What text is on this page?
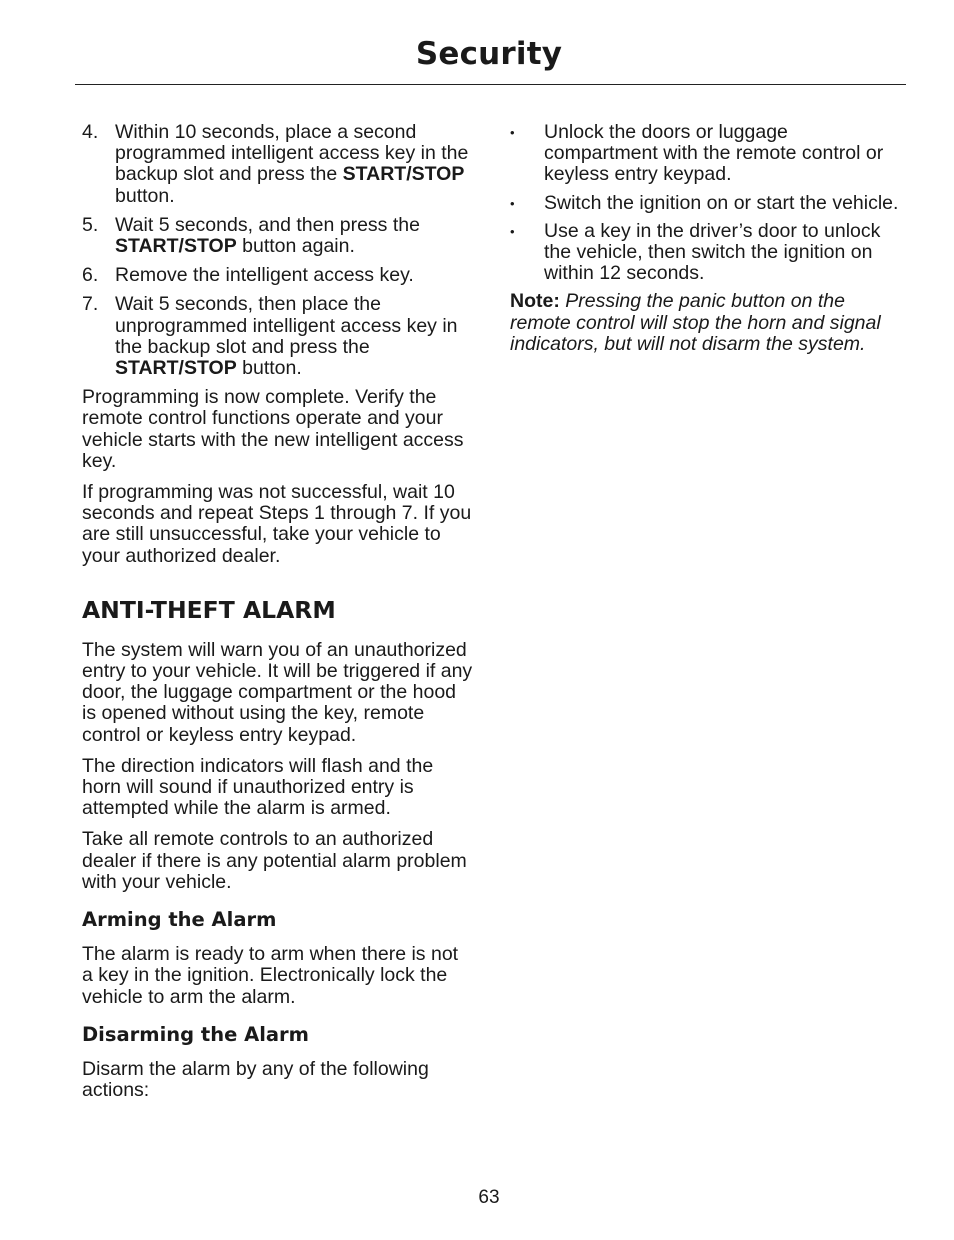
Security
4. Within 10 seconds, place a second programmed intelligent access key in the backup slot and press the START/STOP button.
5. Wait 5 seconds, and then press the START/STOP button again.
6. Remove the intelligent access key.
7. Wait 5 seconds, then place the unprogrammed intelligent access key in the backup slot and press the START/STOP button.

Programming is now complete. Verify the remote control functions operate and your vehicle starts with the new intelligent access key.

If programming was not successful, wait 10 seconds and repeat Steps 1 through 7. If you are still unsuccessful, take your vehicle to your authorized dealer.

ANTI-THEFT ALARM

The system will warn you of an unauthorized entry to your vehicle. It will be triggered if any door, the luggage compartment or the hood is opened without using the key, remote control or keyless entry keypad.

The direction indicators will flash and the horn will sound if unauthorized entry is attempted while the alarm is armed.

Take all remote controls to an authorized dealer if there is any potential alarm problem with your vehicle.

Arming the Alarm

The alarm is ready to arm when there is not a key in the ignition. Electronically lock the vehicle to arm the alarm.

Disarming the Alarm

Disarm the alarm by any of the following actions:

•	Unlock the doors or luggage compartment with the remote control or keyless entry keypad.
•	Switch the ignition on or start the vehicle.
•	Use a key in the driver’s door to unlock the vehicle, then switch the ignition on within 12 seconds.

Note: Pressing the panic button on the remote control will stop the horn and signal indicators, but will not disarm the system.

63
